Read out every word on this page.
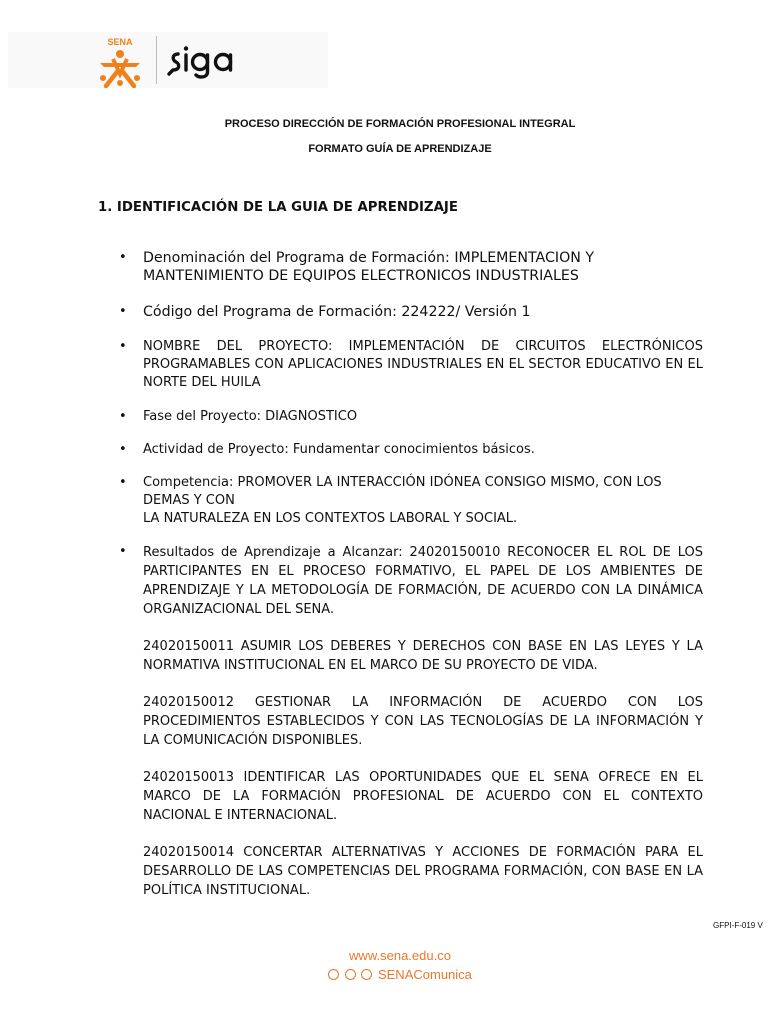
SENA
PROCESO DIRECCIÓN DE FORMACIÓN PROFESIONAL INTEGRAL
FORMATO GUÍA DE APRENDIZAJE
1. IDENTIFICACIÓN DE LA GUIA DE APRENDIZAJE
• Denominación del Programa de Formación: IMPLEMENTACION Y
MANTENIMIENTO DE EQUIPOS ELECTRONICOS INDUSTRIALES
• Código del Programa de Formación: 224222/ Versión 1
• NOMBRE DEL PROYECTO: IMPLEMENTACIÓN DE CIRCUITOS ELECTRÓNICOS PROGRAMABLES CON APLICACIONES INDUSTRIALES EN EL SECTOR EDUCATIVO EN EL NORTE DEL HUILA
• Fase del Proyecto: DIAGNOSTICO
• Actividad de Proyecto: Fundamentar conocimientos básicos.
• Competencia: PROMOVER LA INTERACCIÓN IDÓNEA CONSIGO MISMO, CON LOS
DEMAS Y CON
LA NATURALEZA EN LOS CONTEXTOS LABORAL Y SOCIAL.
• Resultados de Aprendizaje a Alcanzar: 24020150010 RECONOCER EL ROL DE LOS PARTICIPANTES EN EL PROCESO FORMATIVO, EL PAPEL DE LOS AMBIENTES DE APRENDIZAJE Y LA METODOLOGÍA DE FORMACIÓN, DE ACUERDO CON LA DINÁMICA ORGANIZACIONAL DEL SENA.
24020150011 ASUMIR LOS DEBERES Y DERECHOS CON BASE EN LAS LEYES Y LA NORMATIVA INSTITUCIONAL EN EL MARCO DE SU PROYECTO DE VIDA.
24020150012 GESTIONAR LA INFORMACIÓN DE ACUERDO CON LOS PROCEDIMIENTOS ESTABLECIDOS Y CON LAS TECNOLOGÍAS DE LA INFORMACIÓN Y LA COMUNICACIÓN DISPONIBLES.
24020150013 IDENTIFICAR LAS OPORTUNIDADES QUE EL SENA OFRECE EN EL MARCO DE LA FORMACIÓN PROFESIONAL DE ACUERDO CON EL CONTEXTO NACIONAL E INTERNACIONAL.
24020150014 CONCERTAR ALTERNATIVAS Y ACCIONES DE FORMACIÓN PARA EL DESARROLLO DE LAS COMPETENCIAS DEL PROGRAMA FORMACIÓN, CON BASE EN LA POLÍTICA INSTITUCIONAL.
GFPI-F-019 V
www.sena.edu.co
SENAComunica
